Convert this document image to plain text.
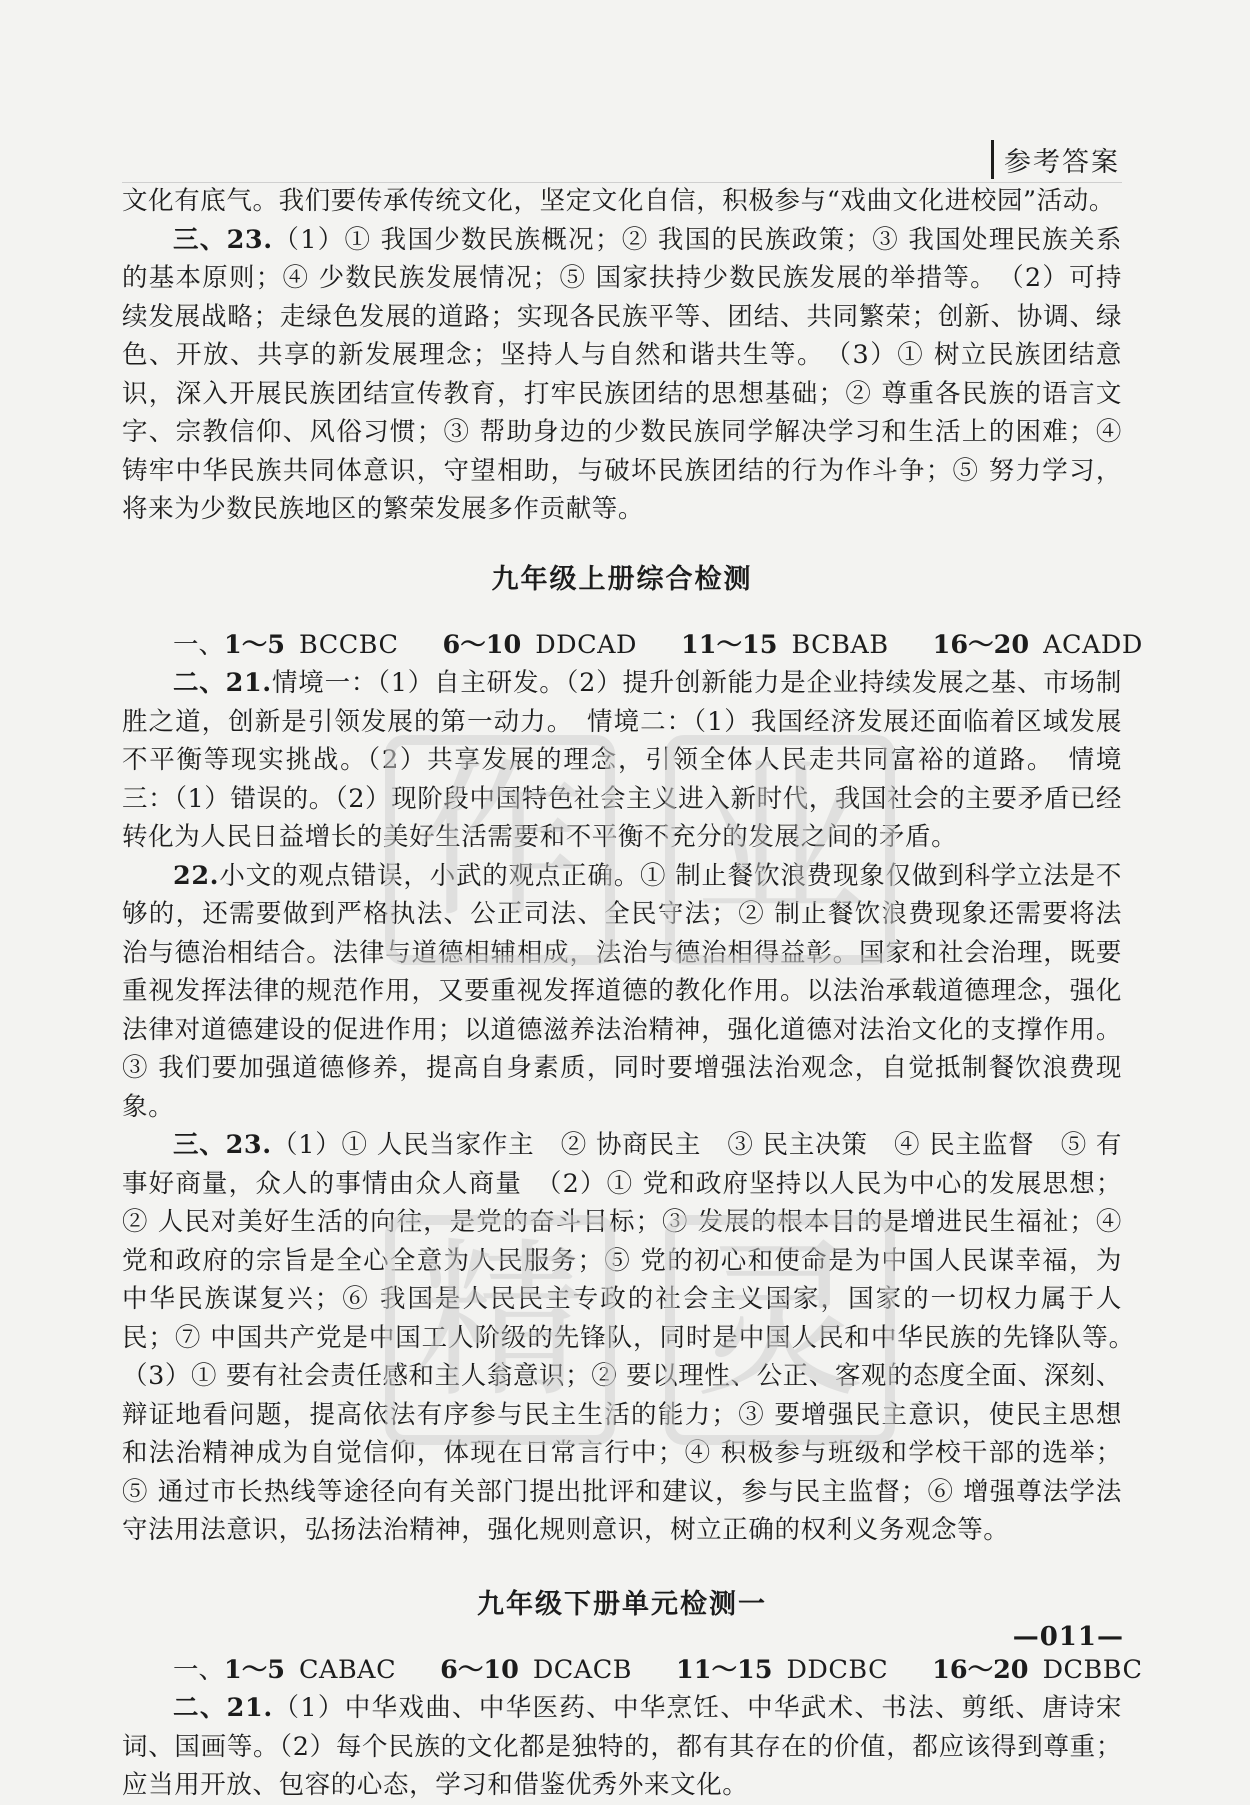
参考答案

文化有底气。我们要传承传统文化，坚定文化自信，积极参与“戏曲文化进校园”活动。

三、23.（1）① 我国少数民族概况；② 我国的民族政策；③ 我国处理民族关系的基本原则；④ 少数民族发展情况；⑤ 国家扶持少数民族发展的举措等。　（2）可持续发展战略；走绿色发展的道路；实现各民族平等、团结、共同繁荣；创新、协调、绿色、开放、共享的新发展理念；坚持人与自然和谐共生等。　（3）① 树立民族团结意识，深入开展民族团结宣传教育，打牢民族团结的思想基础；② 尊重各民族的语言文字、宗教信仰、风俗习惯；③ 帮助身边的少数民族同学解决学习和生活上的困难；④ 铸牢中华民族共同体意识，守望相助，与破坏民族团结的行为作斗争；⑤ 努力学习，将来为少数民族地区的繁荣发展多作贡献等。

九年级上册综合检测

一、1～5 BCCBC 6～10 DDCAD 11～15 BCBAB 16～20 ACADD

二、21.情境一：（1）自主研发。（2）提升创新能力是企业持续发展之基、市场制胜之道，创新是引领发展的第一动力。　情境二：（1）我国经济发展还面临着区域发展不平衡等现实挑战。（2）共享发展的理念，引领全体人民走共同富裕的道路。　情境三：（1）错误的。（2）现阶段中国特色社会主义进入新时代，我国社会的主要矛盾已经转化为人民日益增长的美好生活需要和不平衡不充分的发展之间的矛盾。

22.小文的观点错误，小武的观点正确。① 制止餐饮浪费现象仅做到科学立法是不够的，还需要做到严格执法、公正司法、全民守法；② 制止餐饮浪费现象还需要将法治与德治相结合。法律与道德相辅相成，法治与德治相得益彰。国家和社会治理，既要重视发挥法律的规范作用，又要重视发挥道德的教化作用。以法治承载道德理念，强化法律对道德建设的促进作用；以道德滋养法治精神，强化道德对法治文化的支撑作用。③ 我们要加强道德修养，提高自身素质，同时要增强法治观念，自觉抵制餐饮浪费现象。

三、23.（1）① 人民当家作主　② 协商民主　③ 民主决策　④ 民主监督　⑤ 有事好商量，众人的事情由众人商量　（2）① 党和政府坚持以人民为中心的发展思想；② 人民对美好生活的向往，是党的奋斗目标；③ 发展的根本目的是增进民生福祉；④ 党和政府的宗旨是全心全意为人民服务；⑤ 党的初心和使命是为中国人民谋幸福，为中华民族谋复兴；⑥ 我国是人民民主专政的社会主义国家，国家的一切权力属于人民；⑦ 中国共产党是中国工人阶级的先锋队，同时是中国人民和中华民族的先锋队等。　（3）① 要有社会责任感和主人翁意识；② 要以理性、公正、客观的态度全面、深刻、辩证地看问题，提高依法有序参与民主生活的能力；③ 要增强民主意识，使民主思想和法治精神成为自觉信仰，体现在日常言行中；④ 积极参与班级和学校干部的选举；⑤ 通过市长热线等途径向有关部门提出批评和建议，参与民主监督；⑥ 增强尊法学法守法用法意识，弘扬法治精神，强化规则意识，树立正确的权利义务观念等。

九年级下册单元检测一

一、1～5 CABAC 6～10 DCACB 11～15 DDCBC 16～20 DCBBC

二、21.（1）中华戏曲、中华医药、中华烹饪、中华武术、书法、剪纸、唐诗宋词、国画等。（2）每个民族的文化都是独特的，都有其存在的价值，都应该得到尊重；应当用开放、包容的心态，学习和借鉴优秀外来文化。

—011—
作 业
精 灵
